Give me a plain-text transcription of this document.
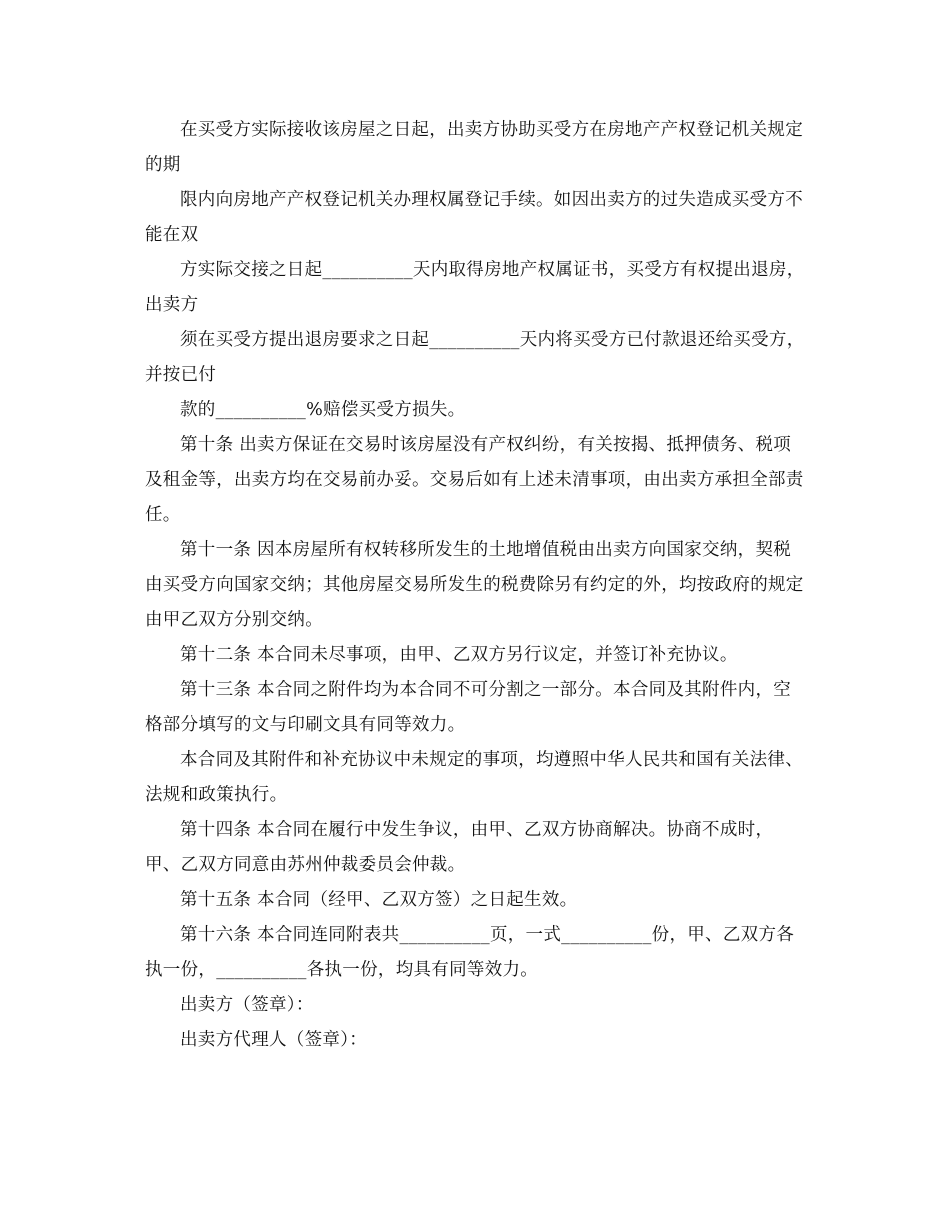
在买受方实际接收该房屋之日起，出卖方协助买受方在房地产产权登记机关规定的期

限内向房地产产权登记机关办理权属登记手续。如因出卖方的过失造成买受方不能在双

方实际交接之日起__________天内取得房地产权属证书，买受方有权提出退房，出卖方

须在买受方提出退房要求之日起__________天内将买受方已付款退还给买受方，并按已付

款的__________%赔偿买受方损失。

第十条 出卖方保证在交易时该房屋没有产权纠纷，有关按揭、抵押债务、税项及租金等，出卖方均在交易前办妥。交易后如有上述未清事项，由出卖方承担全部责任。

第十一条 因本房屋所有权转移所发生的土地增值税由出卖方向国家交纳，契税由买受方向国家交纳；其他房屋交易所发生的税费除另有约定的外，均按政府的规定由甲乙双方分别交纳。

第十二条 本合同未尽事项，由甲、乙双方另行议定，并签订补充协议。

第十三条 本合同之附件均为本合同不可分割之一部分。本合同及其附件内，空格部分填写的文与印刷文具有同等效力。

本合同及其附件和补充协议中未规定的事项，均遵照中华人民共和国有关法律、法规和政策执行。

第十四条 本合同在履行中发生争议，由甲、乙双方协商解决。协商不成时，甲、乙双方同意由苏州仲裁委员会仲裁。

第十五条 本合同（经甲、乙双方签）之日起生效。

第十六条 本合同连同附表共__________页，一式__________份，甲、乙双方各执一份，__________各执一份，均具有同等效力。

出卖方（签章）：

出卖方代理人（签章）：
